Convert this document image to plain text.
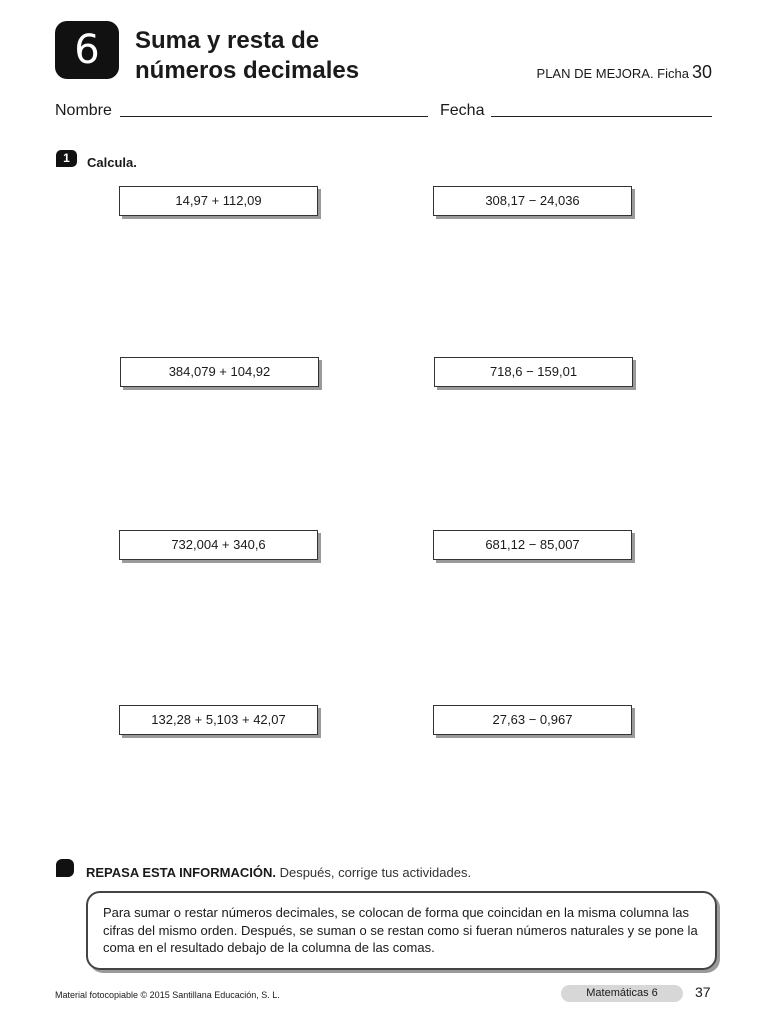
6	Suma y resta de
números decimales	PLAN DE MEJORA. Ficha 30
Nombre	Fecha
1	Calcula.
14,97 + 112,09	308,17 − 24,036
384,079 + 104,92	718,6 − 159,01
732,004 + 340,6	681,12 − 85,007
132,28 + 5,103 + 42,07	27,63 − 0,967
REPASA ESTA INFORMACIÓN. Después, corrige tus actividades.
Para sumar o restar números decimales, se colocan de forma que coincidan en la misma columna las cifras del mismo orden. Después, se suman o se restan como si fueran números naturales y se pone la coma en el resultado debajo de la columna de las comas.
Material fotocopiable © 2015 Santillana Educación, S. L.	Matemáticas 6	37
